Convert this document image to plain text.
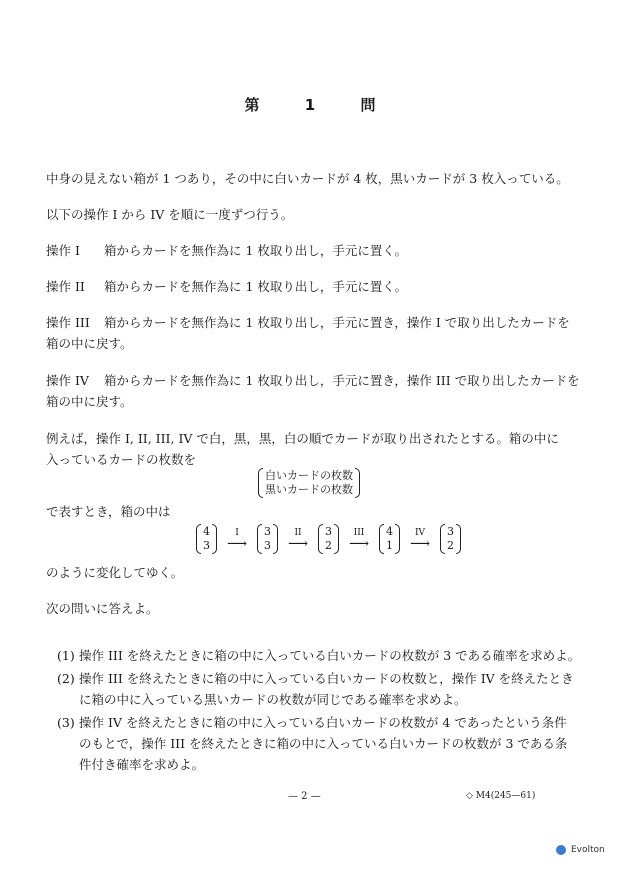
第	1	問
中身の見えない箱が 1 つあり，その中に白いカードが 4 枚，黒いカードが 3 枚入っている。
以下の操作 I から IV を順に一度ずつ行う。
操作 I 箱からカードを無作為に 1 枚取り出し，手元に置く。
操作 II 箱からカードを無作為に 1 枚取り出し，手元に置く。
操作 III 箱からカードを無作為に 1 枚取り出し，手元に置き，操作 I で取り出したカードを
箱の中に戻す。
操作 IV 箱からカードを無作為に 1 枚取り出し，手元に置き，操作 III で取り出したカードを
箱の中に戻す。
例えば，操作 I, II, III, IV で白，黒，黒，白の順でカードが取り出されたとする。箱の中に
入っているカードの枚数を
白いカードの枚数
黒いカードの枚数
で表すとき，箱の中は
4
3
I
⟶
3
3
II
⟶
3
2
III
⟶
4
1
IV
⟶
3
2
のように変化してゆく。
次の問いに答えよ。
(1) 操作 III を終えたときに箱の中に入っている白いカードの枚数が 3 である確率を求めよ。
(2) 操作 III を終えたときに箱の中に入っている白いカードの枚数と，操作 IV を終えたとき
に箱の中に入っている黒いカードの枚数が同じである確率を求めよ。
(3) 操作 IV を終えたときに箱の中に入っている白いカードの枚数が 4 であったという条件
のもとで，操作 III を終えたときに箱の中に入っている白いカードの枚数が 3 である条
件付き確率を求めよ。
— 2 —	◇ M4(245—61)
Evolton
